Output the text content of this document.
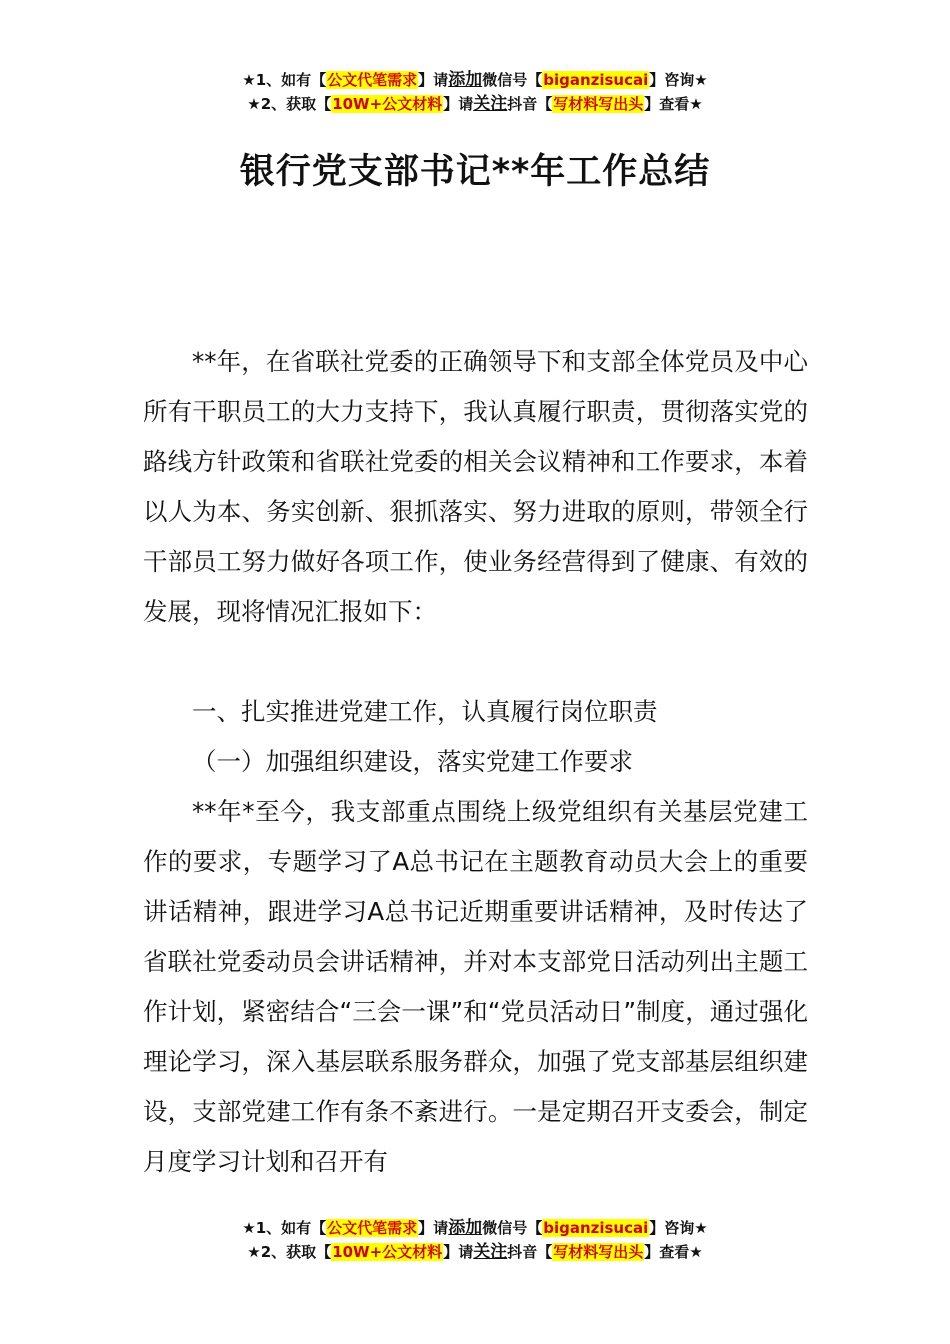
★1、如有【公文代笔需求】请添加微信号【biganzisucai】咨询★
★2、获取【10W+公文材料】请关注抖音【写材料写出头】查看★
银行党支部书记**年工作总结

**年，在省联社党委的正确领导下和支部全体党员及中心所有干职员工的大力支持下，我认真履行职责，贯彻落实党的路线方针政策和省联社党委的相关会议精神和工作要求，本着以人为本、务实创新、狠抓落实、努力进取的原则，带领全行干部员工努力做好各项工作，使业务经营得到了健康、有效的发展，现将情况汇报如下：

一、扎实推进党建工作，认真履行岗位职责

（一）加强组织建设，落实党建工作要求

**年*至今，我支部重点围绕上级党组织有关基层党建工作的要求，专题学习了A总书记在主题教育动员大会上的重要讲话精神，跟进学习A总书记近期重要讲话精神，及时传达了省联社党委动员会讲话精神，并对本支部党日活动列出主题工作计划，紧密结合“三会一课”和“党员活动日”制度，通过强化理论学习，深入基层联系服务群众，加强了党支部基层组织建设，支部党建工作有条不紊进行。一是定期召开支委会，制定月度学习计划和召开有

★1、如有【公文代笔需求】请添加微信号【biganzisucai】咨询★
★2、获取【10W+公文材料】请关注抖音【写材料写出头】查看★
